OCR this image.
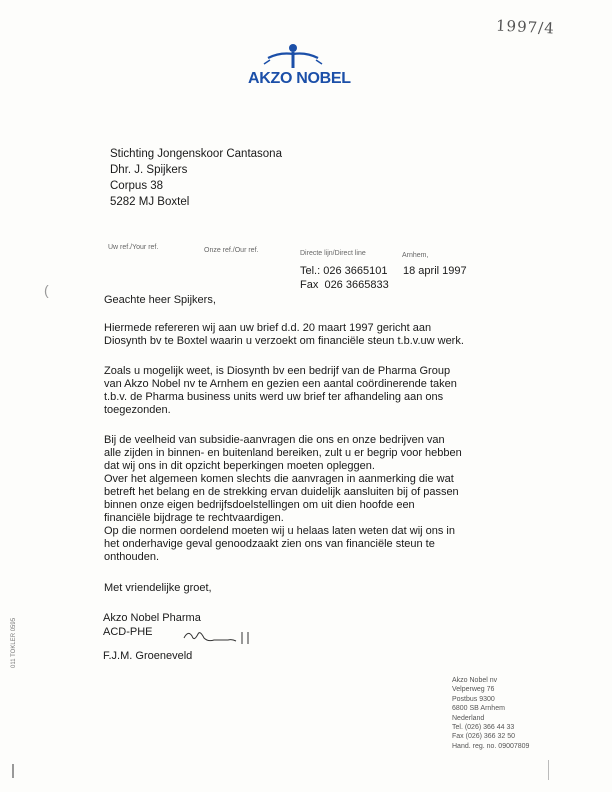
1997/4
AKZO NOBEL
Stichting Jongenskoor Cantasona
Dhr. J. Spijkers
Corpus 38
5282 MJ Boxtel
Uw ref./Your ref.	Onze ref./Our ref.	Directe lijn/Direct line	Arnhem,
Tel.: 026 3665101
Fax  026 3665833
18 april 1997
(

Geachte heer Spijkers,

Hiermede refereren wij aan uw brief d.d. 20 maart 1997 gericht aan Diosynth bv te Boxtel waarin u verzoekt om financiële steun t.b.v.uw werk.

Zoals u mogelijk weet, is Diosynth bv een bedrijf van de Pharma Group van Akzo Nobel nv te Arnhem en gezien een aantal coördinerende taken t.b.v. de Pharma business units werd uw brief ter afhandeling aan ons toegezonden.

Bij de veelheid van subsidie-aanvragen die ons en onze bedrijven van alle zijden in binnen- en buitenland bereiken, zult u er begrip voor hebben dat wij ons in dit opzicht beperkingen moeten opleggen.

Over het algemeen komen slechts die aanvragen in aanmerking die wat betreft het belang en de strekking ervan duidelijk aansluiten bij of passen binnen onze eigen bedrijfsdoelstellingen om uit dien hoofde een financiële bijdrage te rechtvaardigen.

Op die normen oordelend moeten wij u helaas laten weten dat wij ons in het onderhavige geval genoodzaakt zien ons van financiële steun te onthouden.

Met vriendelijke groet,

Akzo Nobel Pharma
ACD-PHE
F.J.M. Groeneveld
Akzo Nobel nv
Velperweg 76
Postbus 9300
6800 SB Arnhem
Nederland
Tel. (026) 366 44 33
Fax (026) 366 32 50
Hand. reg. no. 09007809
011 TOKLER 0595
